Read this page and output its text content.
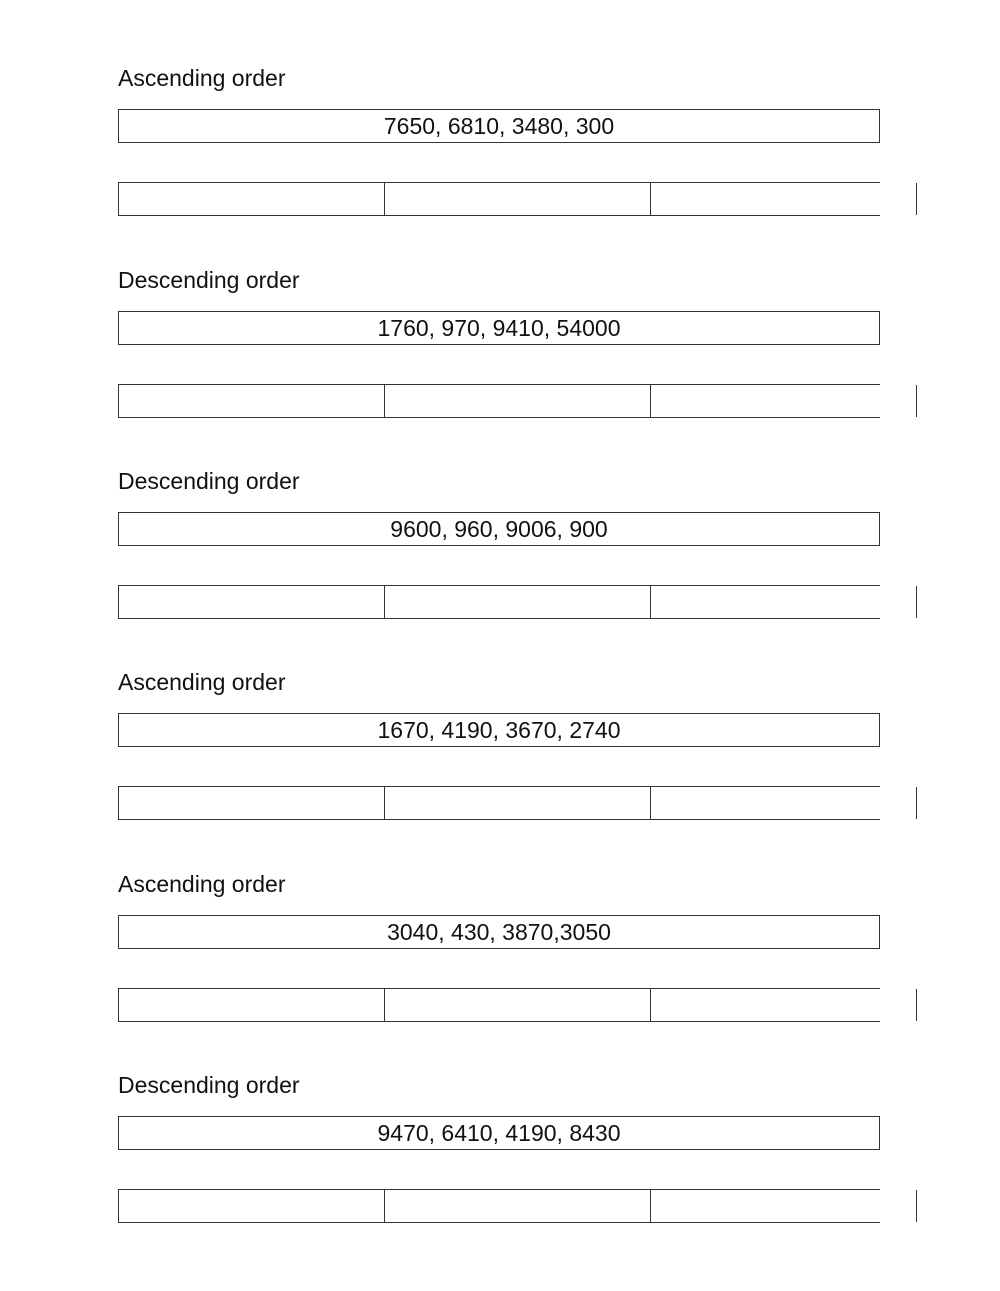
Ascending order
7650, 6810, 3480, 300
Descending order
1760, 970, 9410, 54000
Descending order
9600, 960, 9006, 900
Ascending order
1670, 4190, 3670, 2740
Ascending order
3040, 430, 3870,3050
Descending order
9470, 6410, 4190, 8430
